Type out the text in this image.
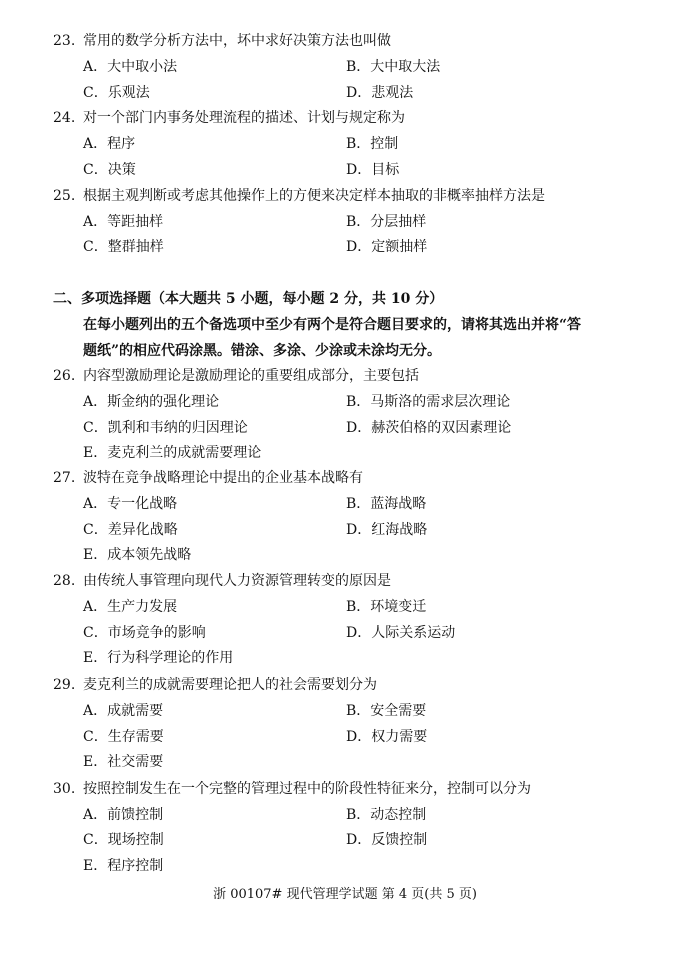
23. 常用的数学分析方法中，坏中求好决策方法也叫做
A．大中取小法	B．大中取大法
C．乐观法	D．悲观法
24. 对一个部门内事务处理流程的描述、计划与规定称为
A．程序	B．控制
C．决策	D．目标
25. 根据主观判断或考虑其他操作上的方便来决定样本抽取的非概率抽样方法是
A．等距抽样	B．分层抽样
C．整群抽样	D．定额抽样
二、多项选择题（本大题共 5 小题，每小题 2 分，共 10 分）
在每小题列出的五个备选项中至少有两个是符合题目要求的，请将其选出并将“答
题纸”的相应代码涂黑。错涂、多涂、少涂或未涂均无分。
26. 内容型激励理论是激励理论的重要组成部分，主要包括
A．斯金纳的强化理论	B．马斯洛的需求层次理论
C．凯利和韦纳的归因理论	D．赫茨伯格的双因素理论
E．麦克利兰的成就需要理论
27. 波特在竞争战略理论中提出的企业基本战略有
A．专一化战略	B．蓝海战略
C．差异化战略	D．红海战略
E．成本领先战略
28. 由传统人事管理向现代人力资源管理转变的原因是
A．生产力发展	B．环境变迁
C．市场竞争的影响	D．人际关系运动
E．行为科学理论的作用
29. 麦克利兰的成就需要理论把人的社会需要划分为
A．成就需要	B．安全需要
C．生存需要	D．权力需要
E．社交需要
30. 按照控制发生在一个完整的管理过程中的阶段性特征来分，控制可以分为
A．前馈控制	B．动态控制
C．现场控制	D．反馈控制
E．程序控制
浙 00107# 现代管理学试题 第 4 页(共 5 页)
